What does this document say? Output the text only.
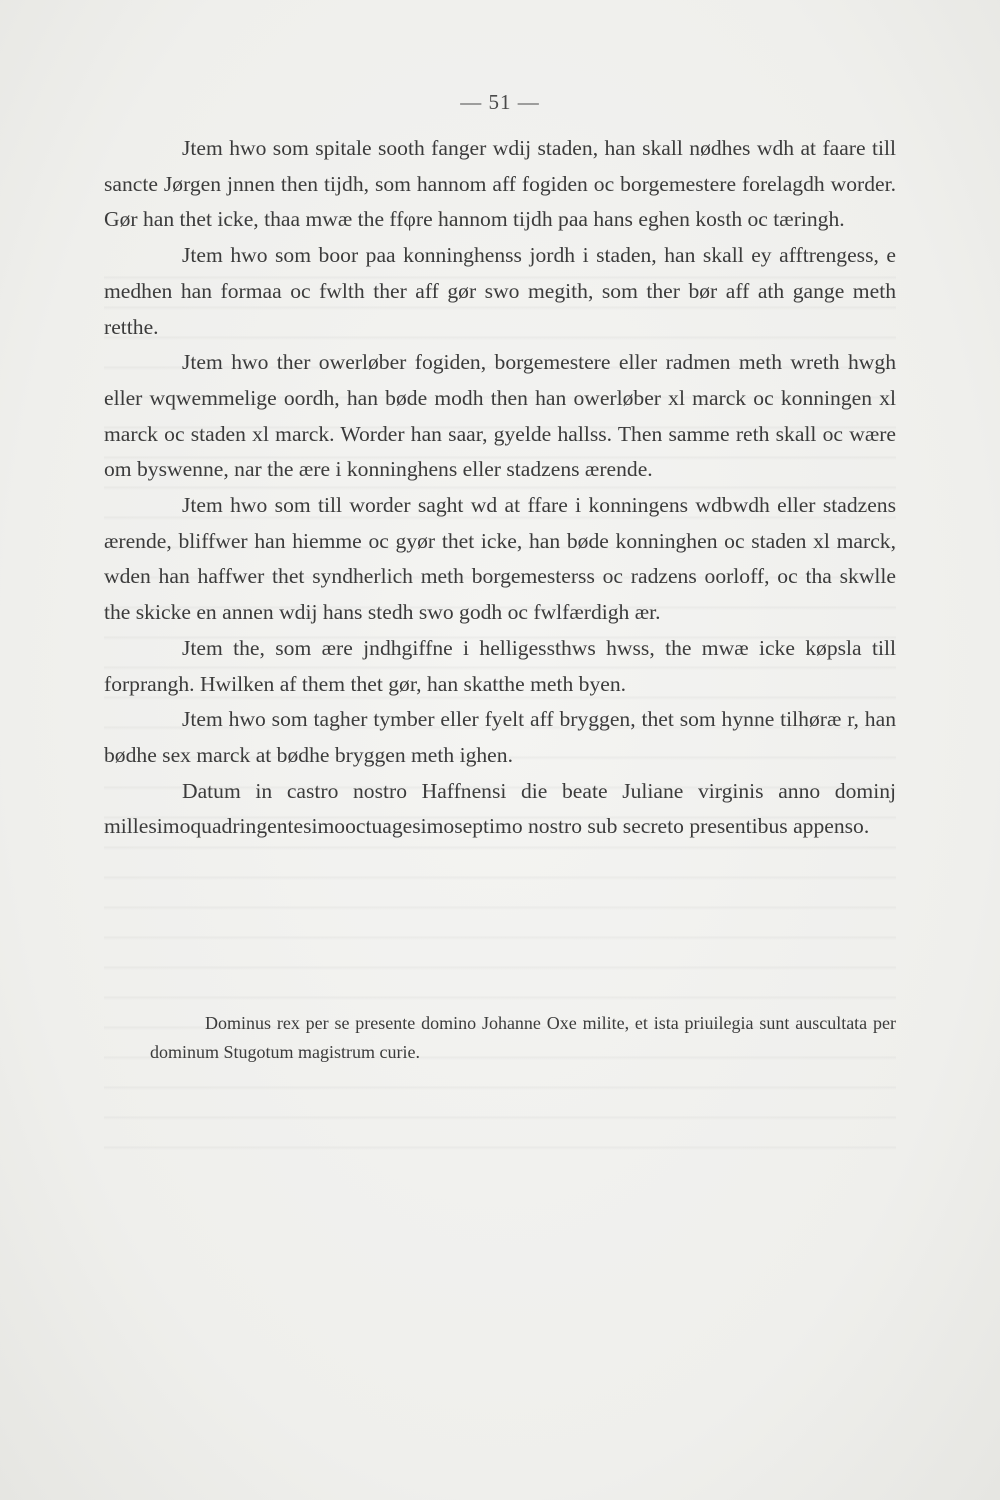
— 51 —

Jtem hwo som spitale sooth fanger wdij staden, han skall nødhes wdh at faare till sancte Jørgen jnnen then tijdh, som hannom aff fogiden oc borgemestere forelagdh worder. Gør han thet icke, thaa mwæ the ffφre hannom tijdh paa hans eghen kosth oc tæringh.

Jtem hwo som boor paa konninghenss jordh i staden, han skall ey afftrengess, e medhen han formaa oc fwlth ther aff gør swo megith, som ther bør aff ath gange meth retthe.

Jtem hwo ther owerløber fogiden, borgemestere eller radmen meth wreth hwgh eller wqwemmelige oordh, han bøde modh then han owerløber xl marck oc konningen xl marck oc staden xl marck. Worder han saar, gyelde hallss. Then samme reth skall oc wære om byswenne, nar the ære i konninghens eller stadzens ærende.

Jtem hwo som till worder saght wd at ffare i konningens wdbwdh eller stadzens ærende, bliffwer han hiemme oc gyør thet icke, han bøde konninghen oc staden xl marck, wden han haffwer thet syndherlich meth borgemesterss oc radzens oorloff, oc tha skwlle the skicke en annen wdij hans stedh swo godh oc fwlfærdigh ær.

Jtem the, som ære jndhgiffne i helligessthws hwss, the mwæ icke køpsla till forprangh. Hwilken af them thet gør, han skatthe meth byen.

Jtem hwo som tagher tymber eller fyelt aff bryggen, thet som hynne tilhøræ r, han bødhe sex marck at bødhe bryggen meth ighen.

Datum in castro nostro Haffnensi die beate Juliane virginis anno dominj millesimoquadringentesimooctuagesimoseptimo nostro sub secreto presentibus appenso.

Dominus rex per se presente domino Johanne Oxe milite, et ista priuilegia sunt auscultata per dominum Stugotum magistrum curie.
